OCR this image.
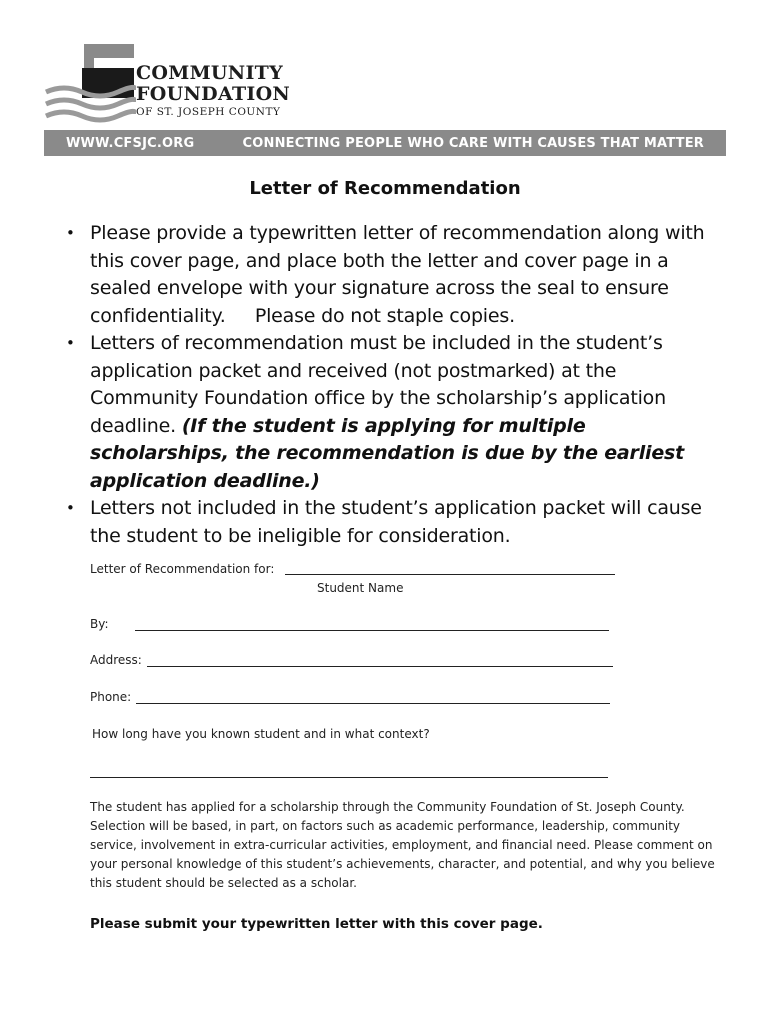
COMMUNITY
FOUNDATION
OF ST. JOSEPH COUNTY
WWW.CFSJC.ORG	CONNECTING PEOPLE WHO CARE WITH CAUSES THAT MATTER
Letter of Recommendation
• Please provide a typewritten letter of recommendation along with this cover page, and place both the letter and cover page in a sealed envelope with your signature across the seal to ensure confidentiality. Please do not staple copies.
• Letters of recommendation must be included in the student’s application packet and received (not postmarked) at the Community Foundation office by the scholarship’s application deadline. (If the student is applying for multiple scholarships, the recommendation is due by the earliest application deadline.)
• Letters not included in the student’s application packet will cause the student to be ineligible for consideration.
Letter of Recommendation for:
Student Name
By:
Address:
Phone:
How long have you known student and in what context?
The student has applied for a scholarship through the Community Foundation of St. Joseph County. Selection will be based, in part, on factors such as academic performance, leadership, community service, involvement in extra-curricular activities, employment, and financial need. Please comment on your personal knowledge of this student’s achievements, character, and potential, and why you believe this student should be selected as a scholar.
Please submit your typewritten letter with this cover page.
